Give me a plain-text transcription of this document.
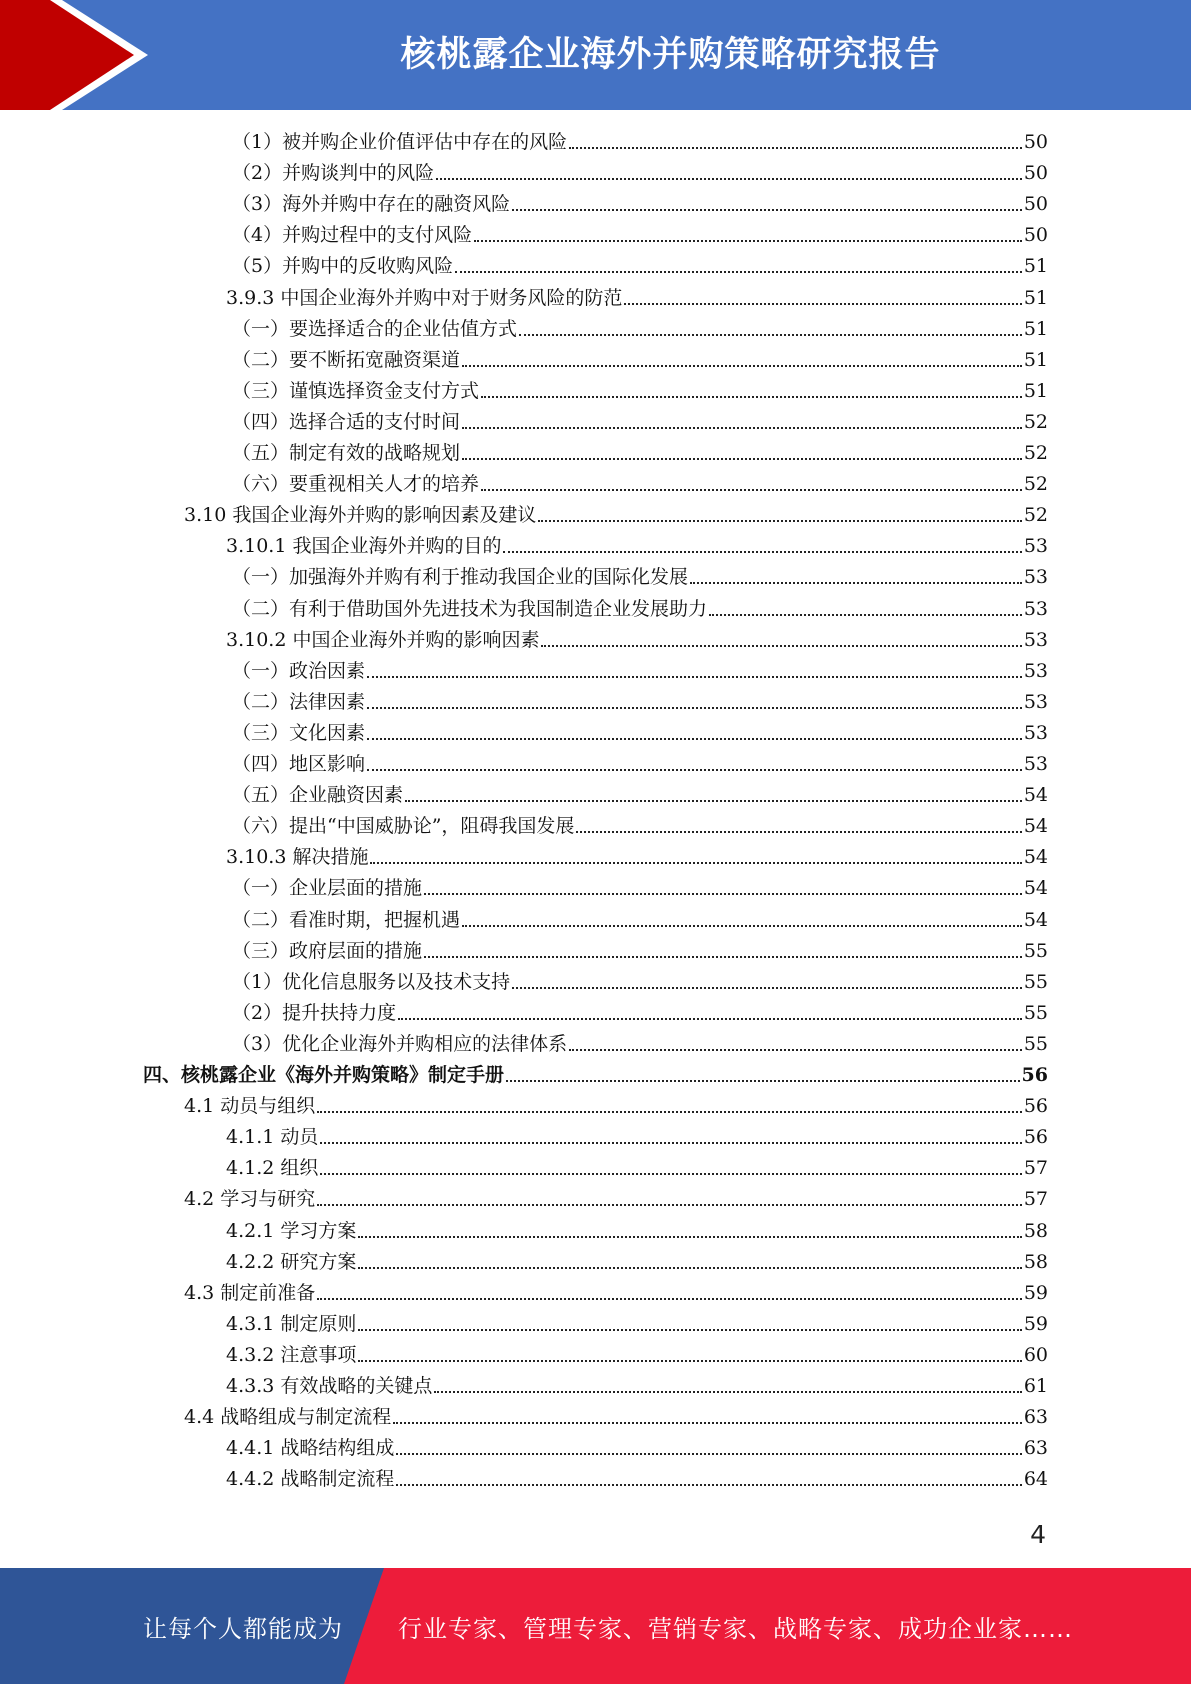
核桃露企业海外并购策略研究报告
（1）被并购企业价值评估中存在的风险	50
（2）并购谈判中的风险	50
（3）海外并购中存在的融资风险	50
（4）并购过程中的支付风险	50
（5）并购中的反收购风险	51
3.9.3 中国企业海外并购中对于财务风险的防范	51
（一）要选择适合的企业估值方式	51
（二）要不断拓宽融资渠道	51
（三）谨慎选择资金支付方式	51
（四）选择合适的支付时间	52
（五）制定有效的战略规划	52
（六）要重视相关人才的培养	52
3.10 我国企业海外并购的影响因素及建议	52
3.10.1 我国企业海外并购的目的	53
（一）加强海外并购有利于推动我国企业的国际化发展	53
（二）有利于借助国外先进技术为我国制造企业发展助力	53
3.10.2 中国企业海外并购的影响因素	53
（一）政治因素	53
（二）法律因素	53
（三）文化因素	53
（四）地区影响	53
（五）企业融资因素	54
（六）提出“中国威胁论”，阻碍我国发展	54
3.10.3 解决措施	54
（一）企业层面的措施	54
（二）看准时期，把握机遇	54
（三）政府层面的措施	55
（1）优化信息服务以及技术支持	55
（2）提升扶持力度	55
（3）优化企业海外并购相应的法律体系	55
四、核桃露企业《海外并购策略》制定手册	56
4.1 动员与组织	56
4.1.1 动员	56
4.1.2 组织	57
4.2 学习与研究	57
4.2.1 学习方案	58
4.2.2 研究方案	58
4.3 制定前准备	59
4.3.1 制定原则	59
4.3.2 注意事项	60
4.3.3 有效战略的关键点	61
4.4 战略组成与制定流程	63
4.4.1 战略结构组成	63
4.4.2 战略制定流程	64
4
让每个人都能成为 行业专家、管理专家、营销专家、战略专家、成功企业家……
